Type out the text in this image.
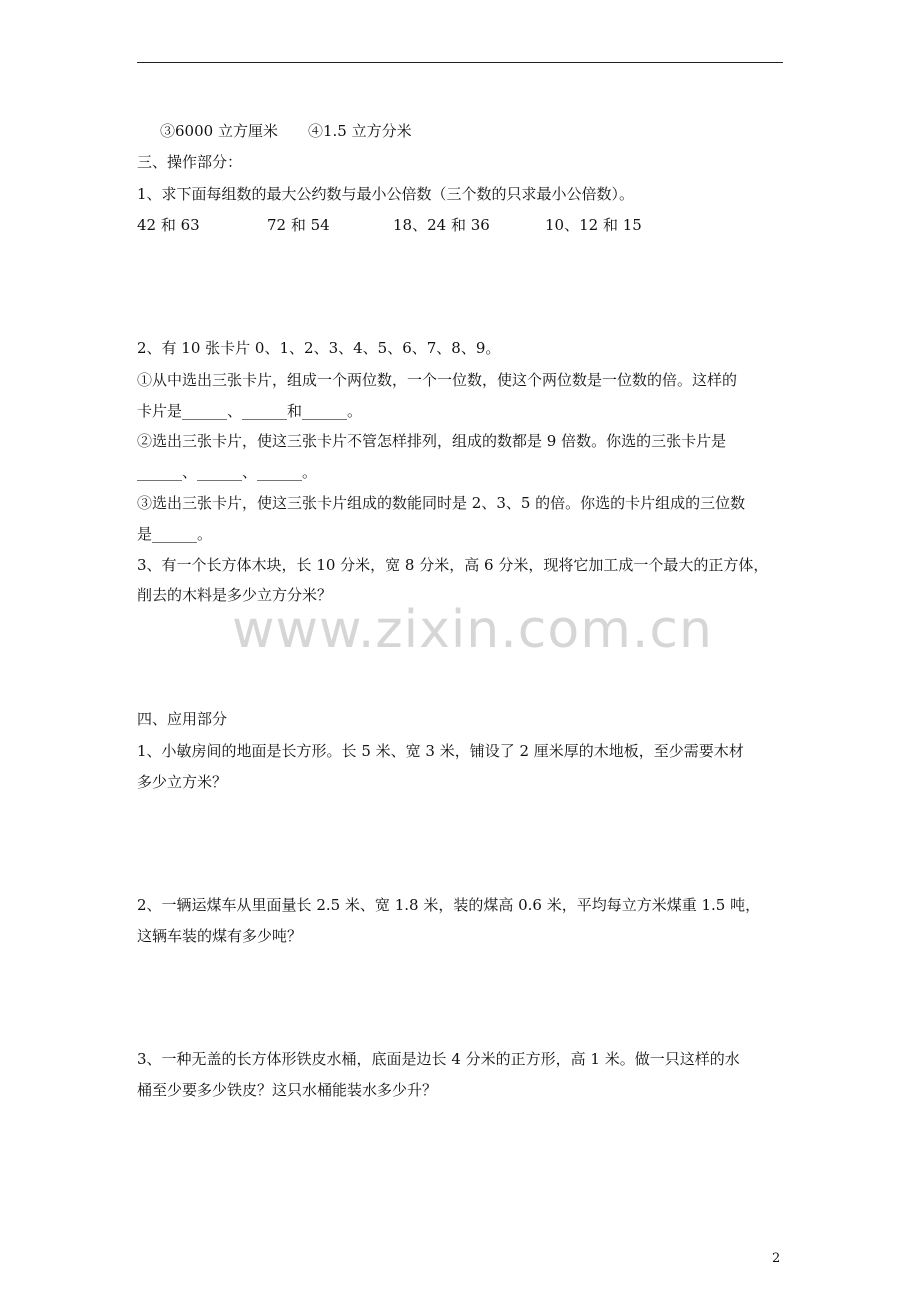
www.zixin.com.cn
③6000 立方厘米　　④1.5 立方分米
三、操作部分：
1、求下面每组数的最大公约数与最小公倍数（三个数的只求最小公倍数）。
42 和 63	72 和 54	18、24 和 36	10、12 和 15
2、有 10 张卡片 0、1、2、3、4、5、6、7、8、9。
①从中选出三张卡片，组成一个两位数，一个一位数，使这个两位数是一位数的倍。这样的
卡片是______、______和______。
②选出三张卡片，使这三张卡片不管怎样排列，组成的数都是 9 倍数。你选的三张卡片是
______、______、______。
③选出三张卡片，使这三张卡片组成的数能同时是 2、3、5 的倍。你选的卡片组成的三位数
是______。
3、有一个长方体木块，长 10 分米，宽 8 分米，高 6 分米，现将它加工成一个最大的正方体，
削去的木料是多少立方分米？
四、应用部分
1、小敏房间的地面是长方形。长 5 米、宽 3 米，铺设了 2 厘米厚的木地板，至少需要木材
多少立方米？
2、一辆运煤车从里面量长 2.5 米、宽 1.8 米，装的煤高 0.6 米，平均每立方米煤重 1.5 吨，
这辆车装的煤有多少吨？
3、一种无盖的长方体形铁皮水桶，底面是边长 4 分米的正方形，高 1 米。做一只这样的水
桶至少要多少铁皮？这只水桶能装水多少升？
2
